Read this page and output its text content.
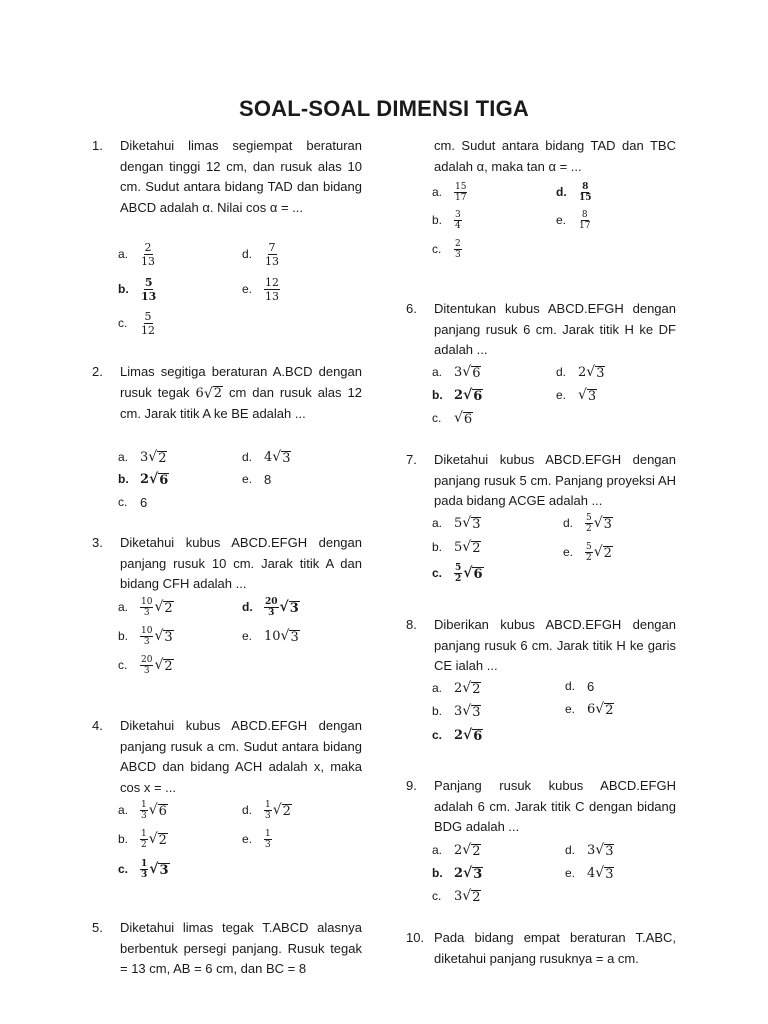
SOAL-SOAL DIMENSI TIGA
1. Diketahui limas segiempat beraturan dengan tinggi 12 cm, dan rusuk alas 10 cm. Sudut antara bidang TAD dan bidang ABCD adalah α. Nilai cos α = ...
a.	$\frac{2}{13}$
b.	$\frac{5}{13}$
c.	$\frac{5}{12}$
d.	$\frac{7}{13}$
e.	$\frac{12}{13}$
2. Limas segitiga beraturan A.BCD dengan rusuk tegak 6 √ 2 cm dan rusuk alas 12 cm. Jarak titik A ke BE adalah ...
a. 3 √ 2
b. 2 √ 6
c. 6
d. 4 √ 3
e. 8
3. Diketahui kubus ABCD.EFGH dengan panjang rusuk 10 cm. Jarak titik A dan bidang CFH adalah ...
a.	$\frac{10}{3}$ √ 2
b.	$\frac{10}{3}$ √ 3
c.	$\frac{20}{3}$ √ 2
d.	$\frac{20}{3}$ √ 3
e. 10 √ 3
4. Diketahui kubus ABCD.EFGH dengan panjang rusuk a cm. Sudut antara bidang ABCD dan bidang ACH adalah x, maka cos x = ...
a.	$\frac{1}{3}$ √ 6
b.	$\frac{1}{2}$ √ 2
c.	$\frac{1}{3}$ √ 3
d.	$\frac{1}{3}$ √ 2
e.	$\frac{1}{3}$
5. Diketahui limas tegak T.ABCD alasnya berbentuk persegi panjang. Rusuk tegak = 13 cm, AB = 6 cm, dan BC = 8
cm. Sudut antara bidang TAD dan TBC adalah α, maka tan α = ...
a.	$\frac{15}{17}$
b.	$\frac{3}{4}$
c.	$\frac{2}{3}$
d.	$\frac{8}{15}$
e.	$\frac{8}{17}$
6. Ditentukan kubus ABCD.EFGH dengan panjang rusuk 6 cm. Jarak titik H ke DF adalah ...
a. 3 √ 6
b. 2 √ 6
c. √ 6
d. 2 √ 3
e. √ 3
7. Diketahui kubus ABCD.EFGH dengan panjang rusuk 5 cm. Panjang proyeksi AH pada bidang ACGE adalah ...
a. 5 √ 3
b. 5 √ 2
c.	$\frac{5}{2}$ √ 6
d.	$\frac{5}{2}$ √ 3
e.	$\frac{5}{2}$ √ 2
8. Diberikan kubus ABCD.EFGH dengan panjang rusuk 6 cm. Jarak titik H ke garis CE ialah ...
a. 2 √ 2
b. 3 √ 3
c. 2 √ 6
d. 6
e. 6 √ 2
9. Panjang rusuk kubus ABCD.EFGH adalah 6 cm. Jarak titik C dengan bidang BDG adalah ...
a. 2 √ 2
b. 2 √ 3
c. 3 √ 2
d. 3 √ 3
e. 4 √ 3
10. Pada bidang empat beraturan T.ABC, diketahui panjang rusuknya = a cm.
